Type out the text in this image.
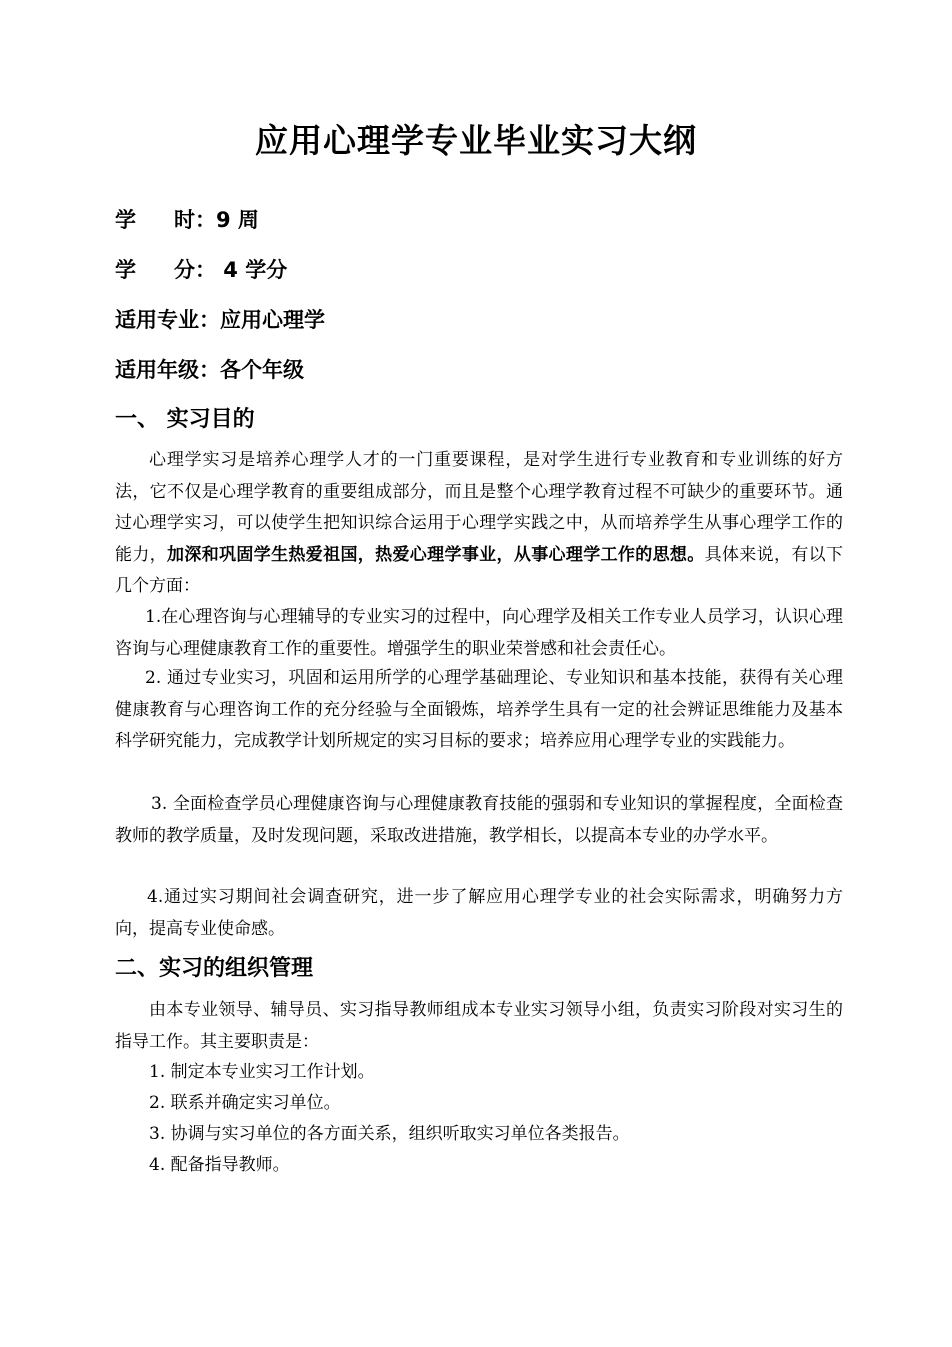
应用心理学专业毕业实习大纲
学 时：9 周
学 分： 4 学分
适用专业：应用心理学
适用年级：各个年级
一、 实习目的

心理学实习是培养心理学人才的一门重要课程，是对学生进行专业教育和专业训练的好方法，它不仅是心理学教育的重要组成部分，而且是整个心理学教育过程不可缺少的重要环节。通过心理学实习，可以使学生把知识综合运用于心理学实践之中，从而培养学生从事心理学工作的能力，加深和巩固学生热爱祖国，热爱心理学事业，从事心理学工作的思想。具体来说，有以下几个方面：

1.在心理咨询与心理辅导的专业实习的过程中，向心理学及相关工作专业人员学习，认识心理咨询与心理健康教育工作的重要性。增强学生的职业荣誉感和社会责任心。

2. 通过专业实习，巩固和运用所学的心理学基础理论、专业知识和基本技能，获得有关心理健康教育与心理咨询工作的充分经验与全面锻炼，培养学生具有一定的社会辨证思维能力及基本科学研究能力，完成教学计划所规定的实习目标的要求；培养应用心理学专业的实践能力。

3. 全面检查学员心理健康咨询与心理健康教育技能的强弱和专业知识的掌握程度，全面检查教师的教学质量，及时发现问题，采取改进措施，教学相长，以提高本专业的办学水平。

4.通过实习期间社会调查研究，进一步了解应用心理学专业的社会实际需求，明确努力方向，提高专业使命感。

二、实习的组织管理

由本专业领导、辅导员、实习指导教师组成本专业实习领导小组，负责实习阶段对实习生的指导工作。其主要职责是：

1. 制定本专业实习工作计划。

2. 联系并确定实习单位。

3. 协调与实习单位的各方面关系，组织听取实习单位各类报告。

4. 配备指导教师。
